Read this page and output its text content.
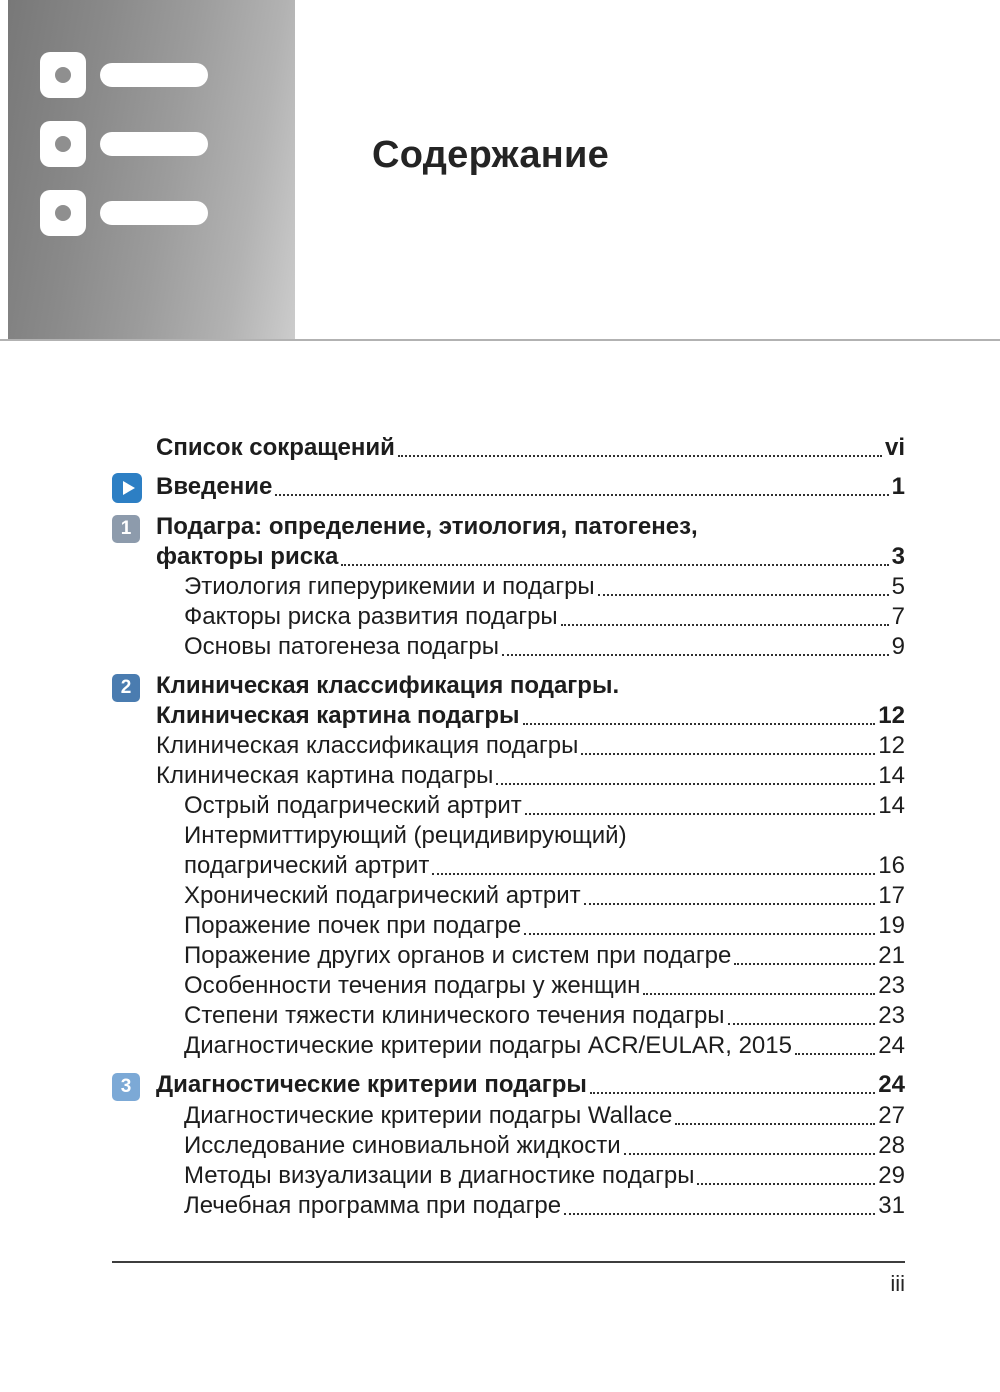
Содержание
Список сокращений	vi
Введение	1
1	Подагра: определение, этиология, патогенез,
факторы риска	3
Этиология гиперурикемии и подагры	5
Факторы риска развития подагры	7
Основы патогенеза подагры	9
2	Клиническая классификация подагры.
Клиническая картина подагры	12
Клиническая классификация подагры	12
Клиническая картина подагры	14
Острый подагрический артрит	14
Интермиттирующий (рецидивирующий)
подагрический артрит	16
Хронический подагрический артрит	17
Поражение почек при подагре	19
Поражение других органов и систем при подагре	21
Особенности течения подагры у женщин	23
Степени тяжести клинического течения подагры	23
Диагностические критерии подагры ACR/EULAR, 2015	24
3	Диагностические критерии подагры	24
Диагностические критерии подагры Wallace	27
Исследование синовиальной жидкости	28
Методы визуализации в диагностике подагры	29
Лечебная программа при подагре	31
iii
